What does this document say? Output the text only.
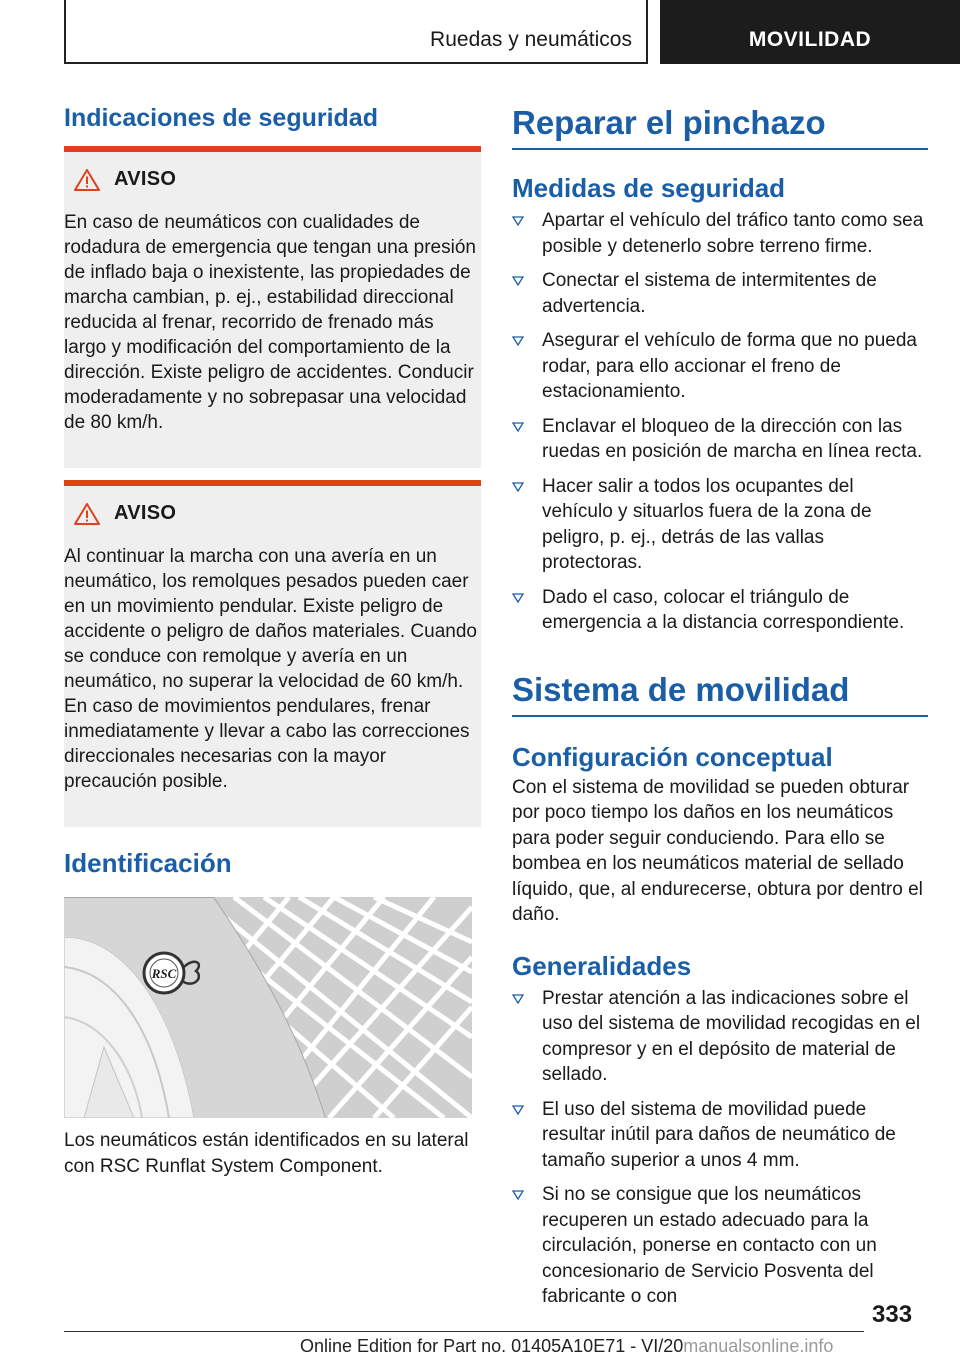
Ruedas y neumáticos	MOVILIDAD
Indicaciones de seguridad
AVISO

En caso de neumáticos con cualidades de rodadura de emergencia que tengan una presión de inflado baja o inexistente, las propiedades de marcha cambian, p. ej., estabilidad direccional reducida al frenar, recorrido de frenado más largo y modificación del comportamiento de la dirección. Existe peligro de accidentes. Conducir moderadamente y no sobrepasar una velocidad de 80 km/h.

AVISO

Al continuar la marcha con una avería en un neumático, los remolques pesados pueden caer en un movimiento pendular. Existe peligro de accidente o peligro de daños materiales. Cuando se conduce con remolque y avería en un neumático, no superar la velocidad de 60 km/h. En caso de movimientos pendulares, frenar inmediatamente y llevar a cabo las correcciones direccionales necesarias con la mayor precaución posible.

Identificación
RSC

Los neumáticos están identificados en su lateral con RSC Runflat System Component.

Reparar el pinchazo
Medidas de seguridad
Apartar el vehículo del tráfico tanto como sea posible y detenerlo sobre terreno firme.
Conectar el sistema de intermitentes de advertencia.
Asegurar el vehículo de forma que no pueda rodar, para ello accionar el freno de estacionamiento.
Enclavar el bloqueo de la dirección con las ruedas en posición de marcha en línea recta.
Hacer salir a todos los ocupantes del vehículo y situarlos fuera de la zona de peligro, p. ej., detrás de las vallas protectoras.
Dado el caso, colocar el triángulo de emergencia a la distancia correspondiente.
Sistema de movilidad
Configuración conceptual

Con el sistema de movilidad se pueden obturar por poco tiempo los daños en los neumáticos para poder seguir conduciendo. Para ello se bombea en los neumáticos material de sellado líquido, que, al endurecerse, obtura por dentro el daño.

Generalidades
Prestar atención a las indicaciones sobre el uso del sistema de movilidad recogidas en el compresor y en el depósito de material de sellado.
El uso del sistema de movilidad puede resultar inútil para daños de neumático de tamaño superior a unos 4 mm.
Si no se consigue que los neumáticos recuperen un estado adecuado para la circulación, ponerse en contacto con un concesionario de Servicio Posventa del fabricante o con
333
Online Edition for Part no. 01405A10E71 - VI/20manualsonline.info
